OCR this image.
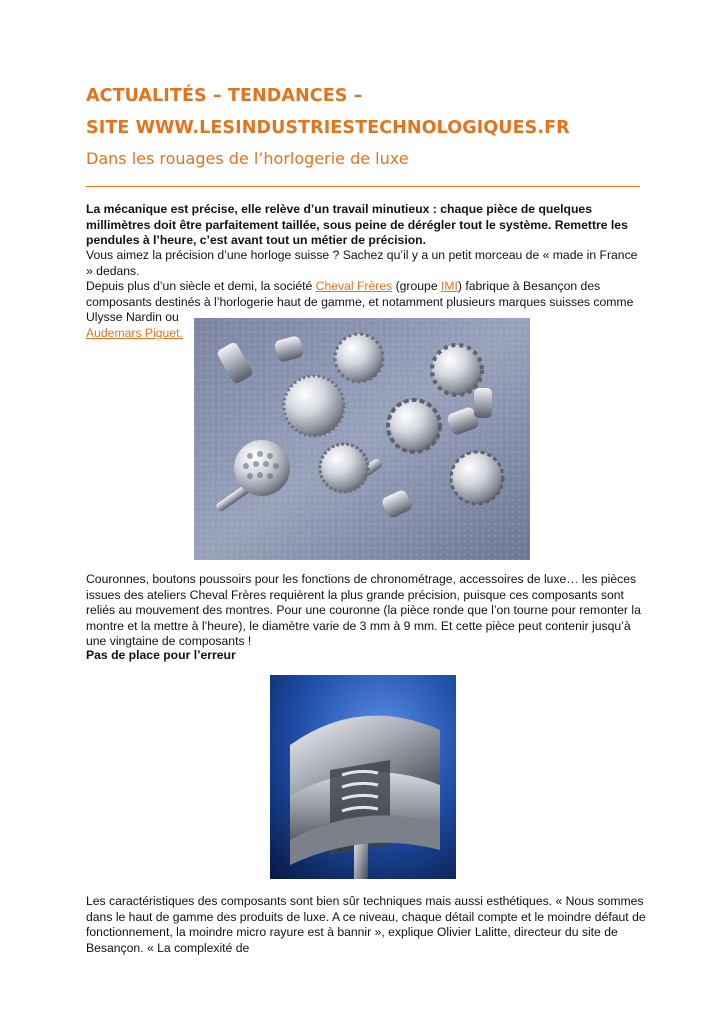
ACTUALITÉS – TENDANCES –
SITE WWW.LESINDUSTRIESTECHNOLOGIQUES.FR
Dans les rouages de l’horlogerie de luxe
La mécanique est précise, elle relève d’un travail minutieux : chaque pièce de quelques millimètres doit être parfaitement taillée, sous peine de dérégler tout le système. Remettre les pendules à l’heure, c’est avant tout un métier de précision.
Vous aimez la précision d’une horloge suisse ? Sachez qu’il y a un petit morceau de « made in France » dedans.
Depuis plus d’un siècle et demi, la société Cheval Frères (groupe IMI) fabrique à Besançon des composants destinés à l’horlogerie haut de gamme, et notamment plusieurs marques suisses comme Ulysse Nardin ou
Audemars Piguet.
Couronnes, boutons poussoirs pour les fonctions de chronométrage, accessoires de luxe… les pièces issues des ateliers Cheval Frères requièrent la plus grande précision, puisque ces composants sont reliés au mouvement des montres. Pour une couronne (la pièce ronde que l’on tourne pour remonter la montre et la mettre à l’heure), le diamètre varie de 3 mm à 9 mm. Et cette pièce peut contenir jusqu’à une vingtaine de composants !
Pas de place pour l’erreur
Les caractéristiques des composants sont bien sûr techniques mais aussi esthétiques. « Nous sommes dans le haut de gamme des produits de luxe. A ce niveau, chaque détail compte et le moindre défaut de fonctionnement, la moindre micro rayure est à bannir », explique Olivier Lalitte, directeur du site de Besançon. « La complexité de
